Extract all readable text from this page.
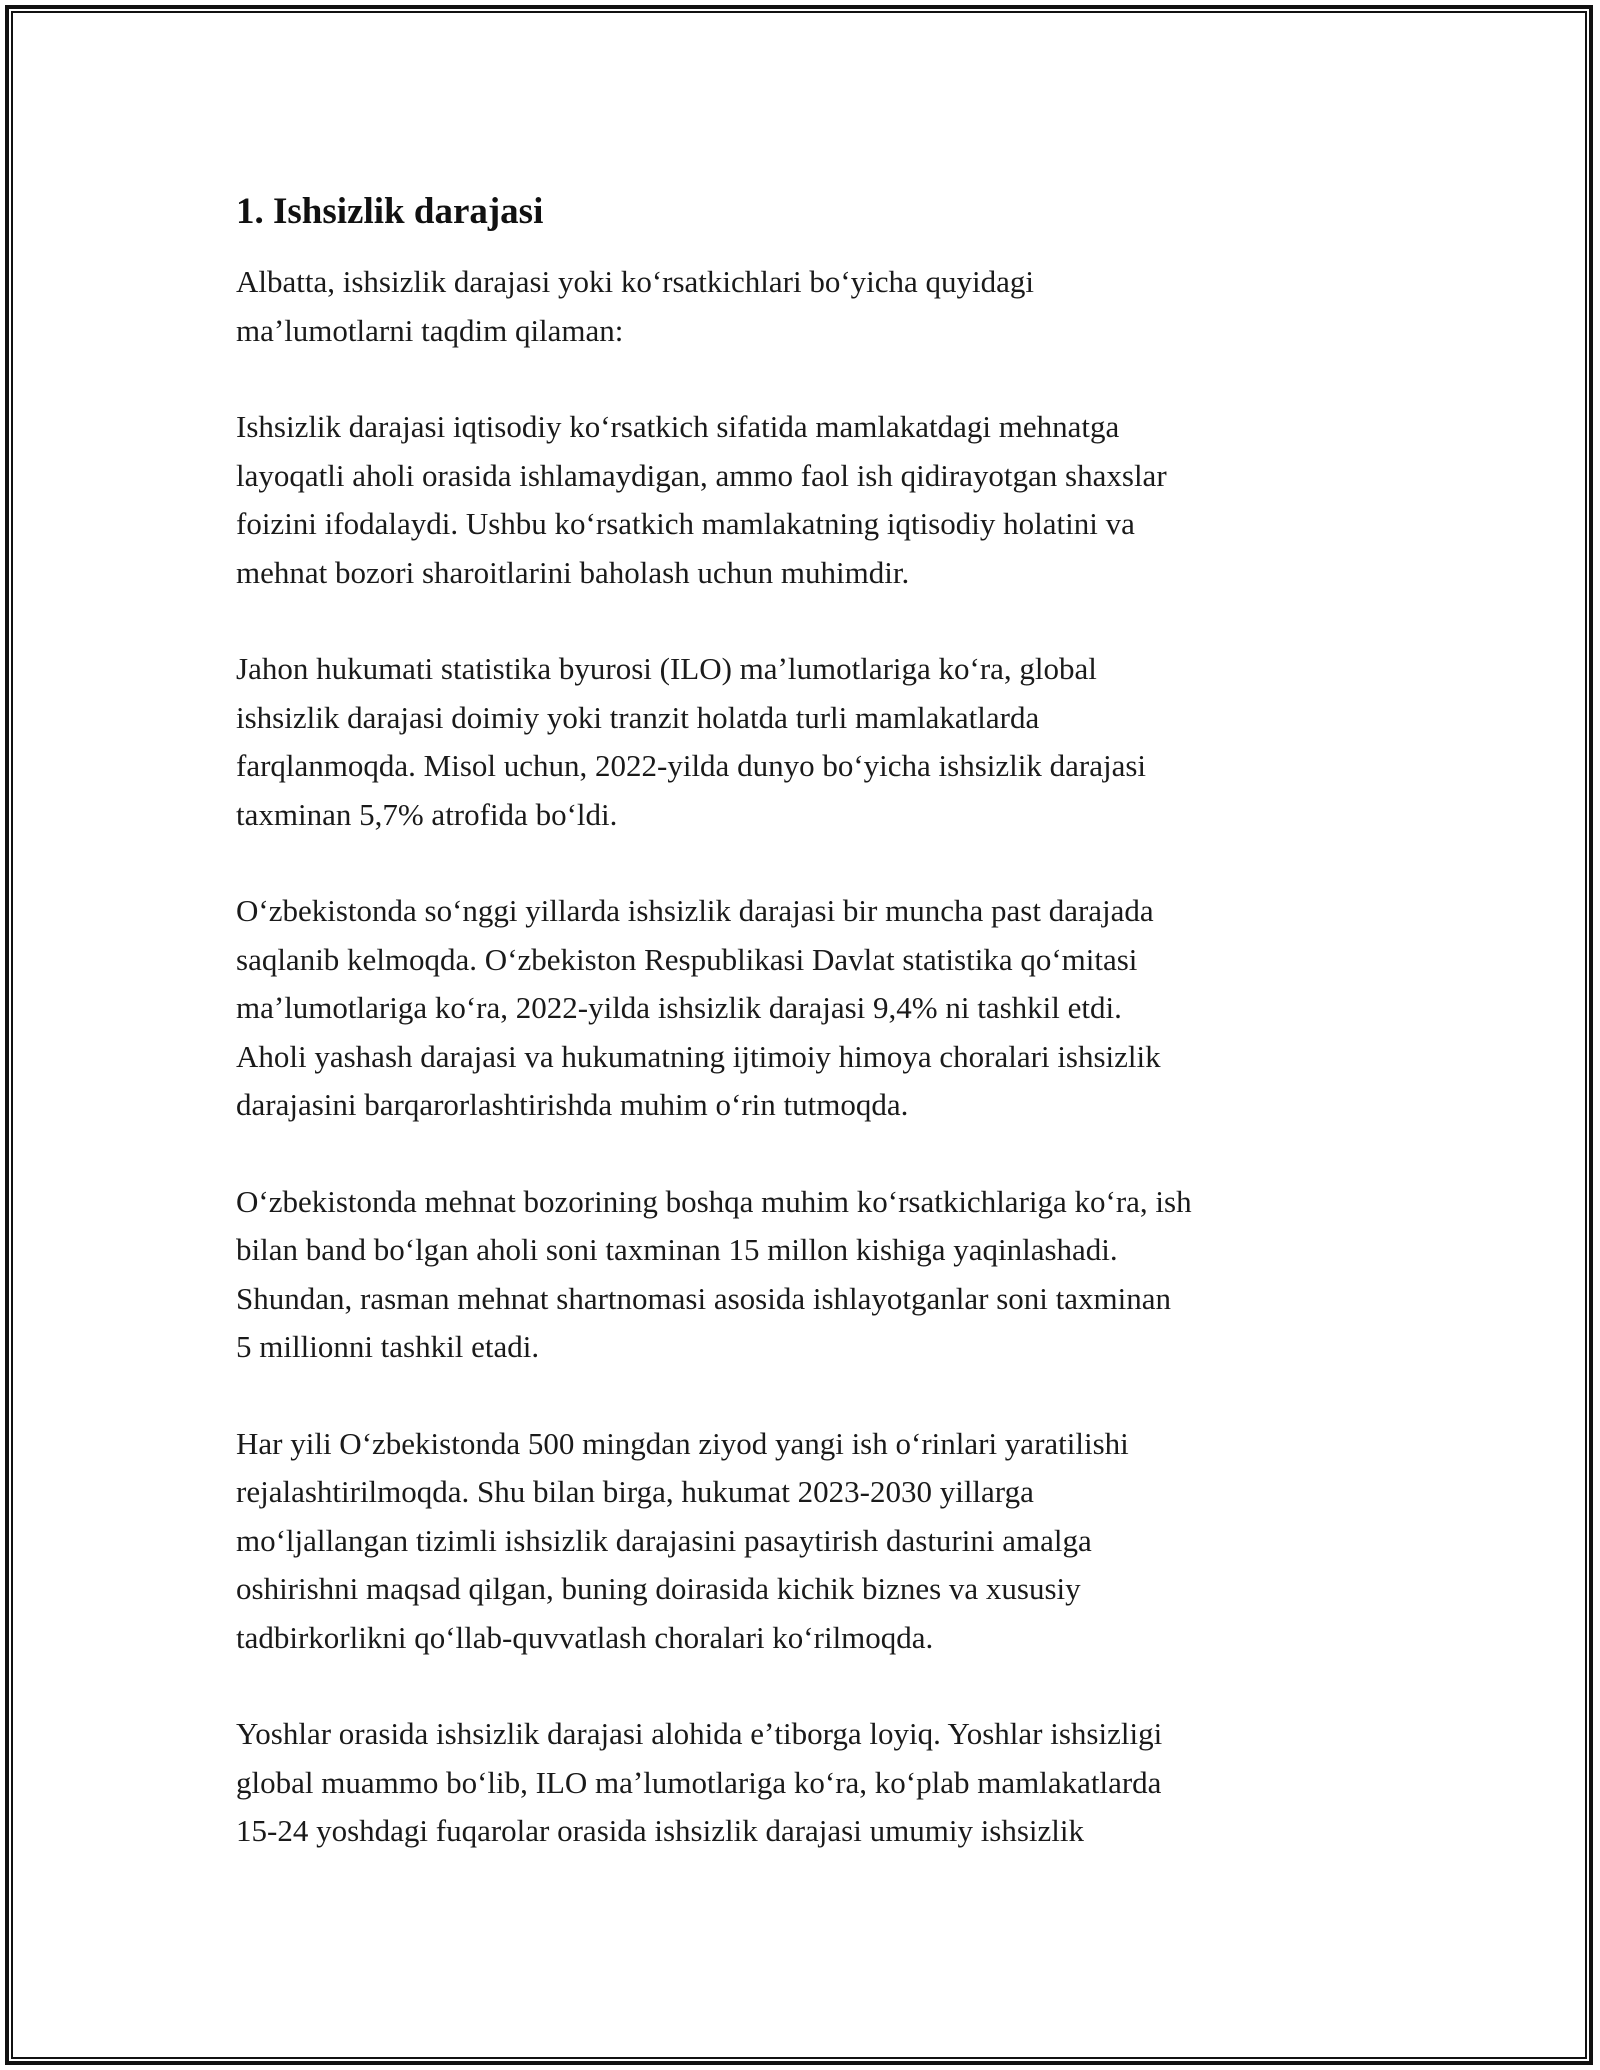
1. Ishsizlik darajasi

Albatta, ishsizlik darajasi yoki koʻrsatkichlari boʻyicha quyidagi
maʼlumotlarni taqdim qilaman:

Ishsizlik darajasi iqtisodiy koʻrsatkich sifatida mamlakatdagi mehnatga
layoqatli aholi orasida ishlamaydigan, ammo faol ish qidirayotgan shaxslar
foizini ifodalaydi. Ushbu koʻrsatkich mamlakatning iqtisodiy holatini va
mehnat bozori sharoitlarini baholash uchun muhimdir.

Jahon hukumati statistika byurosi (ILO) maʼlumotlariga koʻra, global
ishsizlik darajasi doimiy yoki tranzit holatda turli mamlakatlarda
farqlanmoqda. Misol uchun, 2022-yilda dunyo boʻyicha ishsizlik darajasi
taxminan 5,7% atrofida boʻldi.

Oʻzbekistonda soʻnggi yillarda ishsizlik darajasi bir muncha past darajada
saqlanib kelmoqda. Oʻzbekiston Respublikasi Davlat statistika qoʻmitasi
maʼlumotlariga koʻra, 2022-yilda ishsizlik darajasi 9,4% ni tashkil etdi.
Aholi yashash darajasi va hukumatning ijtimoiy himoya choralari ishsizlik
darajasini barqarorlashtirishda muhim oʻrin tutmoqda.

Oʻzbekistonda mehnat bozorining boshqa muhim koʻrsatkichlariga koʻra, ish
bilan band boʻlgan aholi soni taxminan 15 millon kishiga yaqinlashadi.
Shundan, rasman mehnat shartnomasi asosida ishlayotganlar soni taxminan
5 millionni tashkil etadi.

Har yili Oʻzbekistonda 500 mingdan ziyod yangi ish oʻrinlari yaratilishi
rejalashtirilmoqda. Shu bilan birga, hukumat 2023-2030 yillarga
moʻljallangan tizimli ishsizlik darajasini pasaytirish dasturini amalga
oshirishni maqsad qilgan, buning doirasida kichik biznes va xususiy
tadbirkorlikni qoʻllab-quvvatlash choralari koʻrilmoqda.

Yoshlar orasida ishsizlik darajasi alohida eʼtiborga loyiq. Yoshlar ishsizligi
global muammo boʻlib, ILO maʼlumotlariga koʻra, koʻplab mamlakatlarda
15-24 yoshdagi fuqarolar orasida ishsizlik darajasi umumiy ishsizlik
